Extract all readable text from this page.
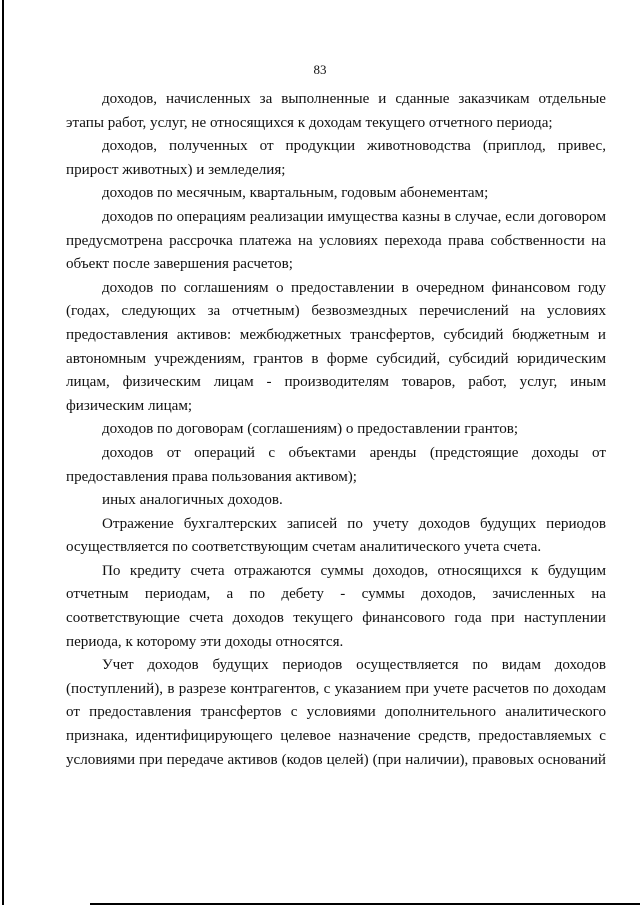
83

доходов, начисленных за выполненные и сданные заказчикам отдельные этапы работ, услуг, не относящихся к доходам текущего отчетного периода;

доходов, полученных от продукции животноводства (приплод, привес, прирост животных) и земледелия;

доходов по месячным, квартальным, годовым абонементам;

доходов по операциям реализации имущества казны в случае, если договором предусмотрена рассрочка платежа на условиях перехода права собственности на объект после завершения расчетов;

доходов по соглашениям о предоставлении в очередном финансовом году (годах, следующих за отчетным) безвозмездных перечислений на условиях предоставления активов: межбюджетных трансфертов, субсидий бюджетным и автономным учреждениям, грантов в форме субсидий, субсидий юридическим лицам, физическим лицам - производителям товаров, работ, услуг, иным физическим лицам;

доходов по договорам (соглашениям) о предоставлении грантов;

доходов от операций с объектами аренды (предстоящие доходы от предоставления права пользования активом);

иных аналогичных доходов.

Отражение бухгалтерских записей по учету доходов будущих периодов осуществляется по соответствующим счетам аналитического учета счета.

По кредиту счета отражаются суммы доходов, относящихся к будущим отчетным периодам, а по дебету - суммы доходов, зачисленных на соответствующие счета доходов текущего финансового года при наступлении периода, к которому эти доходы относятся.

Учет доходов будущих периодов осуществляется по видам доходов (поступлений), в разрезе контрагентов, с указанием при учете расчетов по доходам от предоставления трансфертов с условиями дополнительного аналитического признака, идентифицирующего целевое назначение средств, предоставляемых с условиями при передаче активов (кодов целей) (при наличии), правовых оснований
